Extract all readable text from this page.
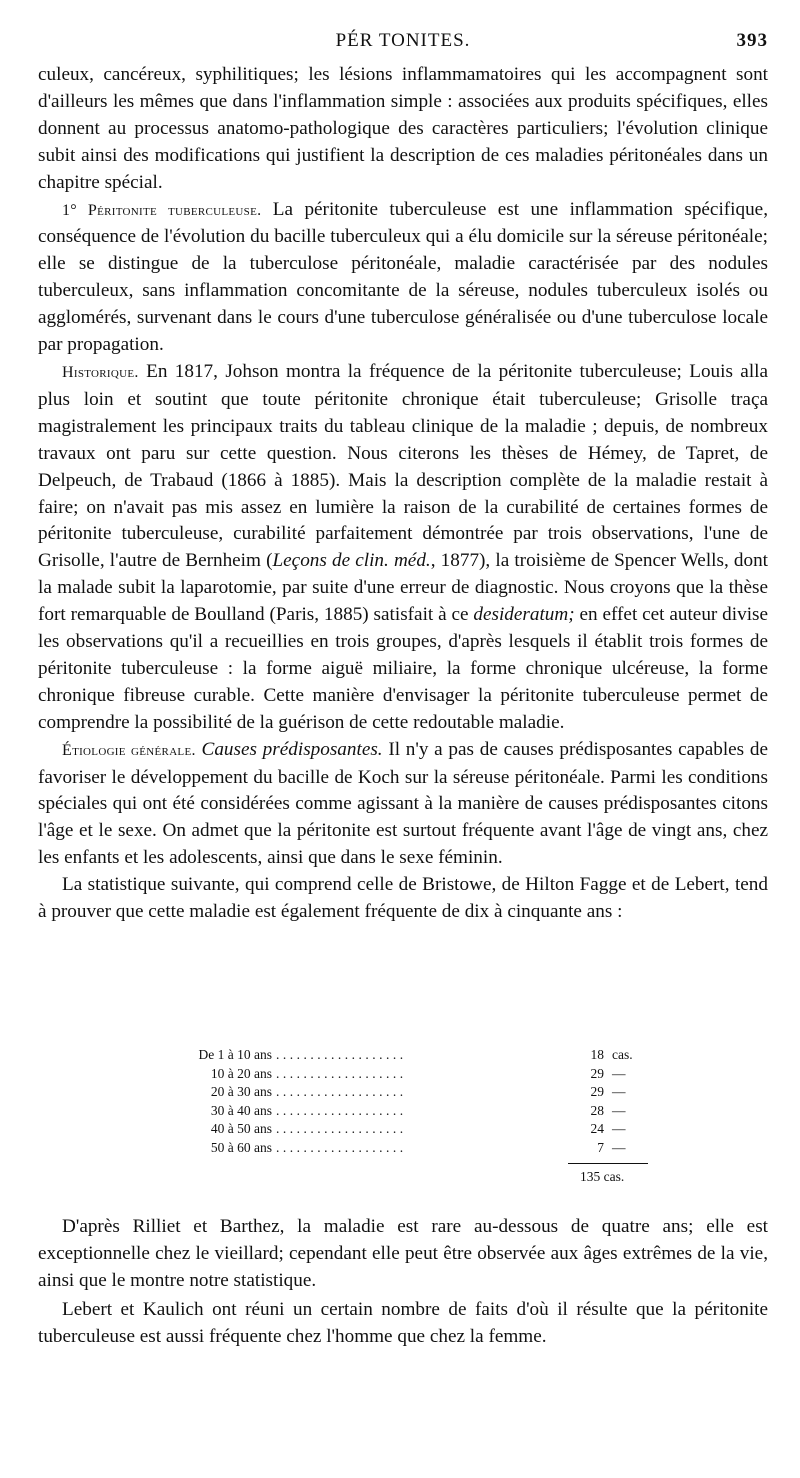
PÉR TONITES.	393

culeux, cancéreux, syphilitiques; les lésions inflammamatoires qui les accompagnent sont d'ailleurs les mêmes que dans l'inflammation simple : associées aux produits spécifiques, elles donnent au processus anatomo-pathologique des caractères particuliers; l'évolution clinique subit ainsi des modifications qui justifient la description de ces maladies péritonéales dans un chapitre spécial.

1° Péritonite tuberculeuse. La péritonite tuberculeuse est une inflammation spécifique, conséquence de l'évolution du bacille tuberculeux qui a élu domicile sur la séreuse péritonéale; elle se distingue de la tuberculose péritonéale, maladie caractérisée par des nodules tuberculeux, sans inflammation concomitante de la séreuse, nodules tuberculeux isolés ou agglomérés, survenant dans le cours d'une tuberculose généralisée ou d'une tuberculose locale par propagation.

Historique. En 1817, Johson montra la fréquence de la péritonite tuberculeuse; Louis alla plus loin et soutint que toute péritonite chronique était tuberculeuse; Grisolle traça magistralement les principaux traits du tableau clinique de la maladie ; depuis, de nombreux travaux ont paru sur cette question. Nous citerons les thèses de Hémey, de Tapret, de Delpeuch, de Trabaud (1866 à 1885). Mais la description complète de la maladie restait à faire; on n'avait pas mis assez en lumière la raison de la curabilité de certaines formes de péritonite tuberculeuse, curabilité parfaitement démontrée par trois observations, l'une de Grisolle, l'autre de Bernheim (Leçons de clin. méd., 1877), la troisième de Spencer Wells, dont la malade subit la laparotomie, par suite d'une erreur de diagnostic. Nous croyons que la thèse fort remarquable de Boulland (Paris, 1885) satisfait à ce desideratum; en effet cet auteur divise les observations qu'il a recueillies en trois groupes, d'après lesquels il établit trois formes de péritonite tuberculeuse : la forme aiguë miliaire, la forme chronique ulcéreuse, la forme chronique fibreuse curable. Cette manière d'envisager la péritonite tuberculeuse permet de comprendre la possibilité de la guérison de cette redoutable maladie.

Étiologie générale. Causes prédisposantes. Il n'y a pas de causes prédisposantes capables de favoriser le développement du bacille de Koch sur la séreuse péritonéale. Parmi les conditions spéciales qui ont été considérées comme agissant à la manière de causes prédisposantes citons l'âge et le sexe. On admet que la péritonite est surtout fréquente avant l'âge de vingt ans, chez les enfants et les adolescents, ainsi que dans le sexe féminin.

La statistique suivante, qui comprend celle de Bristowe, de Hilton Fagge et de Lebert, tend à prouver que cette maladie est également fréquente de dix à cinquante ans :

De 1 à 10 ans ...................	18 cas.
10 à 20 ans ...................	29 —
20 à 30 ans ...................	29 —
30 à 40 ans ...................	28 —
40 à 50 ans ...................	24 —
50 à 60 ans ...................	7 —
135 cas.

D'après Rilliet et Barthez, la maladie est rare au-dessous de quatre ans; elle est exceptionnelle chez le vieillard; cependant elle peut être observée aux âges extrêmes de la vie, ainsi que le montre notre statistique.

Lebert et Kaulich ont réuni un certain nombre de faits d'où il résulte que la péritonite tuberculeuse est aussi fréquente chez l'homme que chez la femme.
